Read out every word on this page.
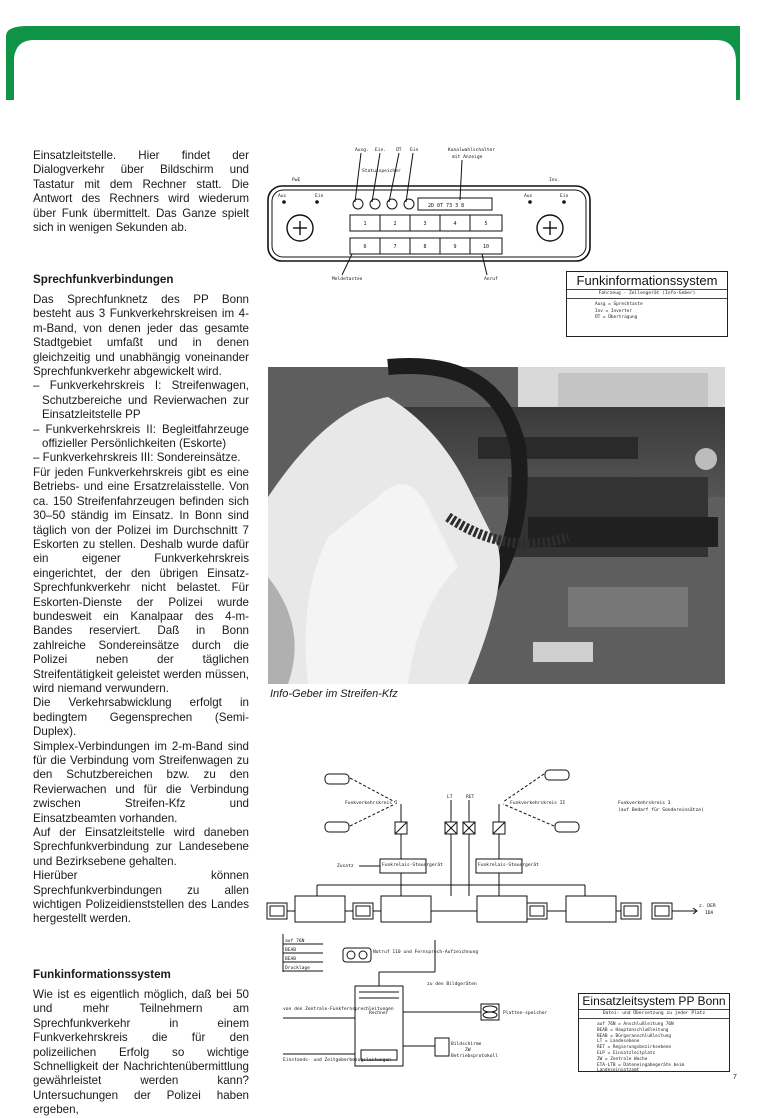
Einsatzleitstelle. Hier findet der Dialogverkehr über Bildschirm und Tastatur mit dem Rechner statt. Die Antwort des Rechners wird wiederum über Funk übermittelt. Das Ganze spielt sich in wenigen Sekunden ab.

Sprechfunkverbindungen

Das Sprechfunknetz des PP Bonn besteht aus 3 Funkverkehrskreisen im 4-m-Band, von denen jeder das gesamte Stadtgebiet umfaßt und in denen gleichzeitig und unabhängig voneinander Sprechfunkverkehr abgewickelt wird.

– Funkverkehrskreis I: Streifenwagen, Schutzbereiche und Revierwachen zur Einsatzleitstelle PP
– Funkverkehrskreis II: Begleitfahrzeuge offizieller Persönlichkeiten (Eskorte)
– Funkverkehrskreis III: Sondereinsätze.

Für jeden Funkverkehrskreis gibt es eine Betriebs- und eine Ersatzrelaisstelle. Von ca. 150 Streifenfahrzeugen befinden sich 30–50 ständig im Einsatz. In Bonn sind täglich von der Polizei im Durchschnitt 7 Eskorten zu stellen. Deshalb wurde dafür ein eigener Funkverkehrskreis eingerichtet, der den übrigen Einsatz-Sprechfunkverkehr nicht belastet. Für Eskorten-Dienste der Polizei wurde bundesweit ein Kanalpaar des 4-m-Bandes reserviert. Daß in Bonn zahlreiche Sondereinsätze durch die Polizei neben der täglichen Streifentätigkeit geleistet werden müssen, wird niemand verwundern.

Die Verkehrsabwicklung erfolgt in bedingtem Gegensprechen (Semi-Duplex).

Simplex-Verbindungen im 2-m-Band sind für die Verbindung vom Streifenwagen zu den Schutzbereichen bzw. zu den Revierwachen und für die Verbindung zwischen Streifen-Kfz und Einsatzbeamten vorhanden.

Auf der Einsatzleitstelle wird daneben Sprechfunkverbindung zur Landesebene und Bezirksebene gehalten.

Hierüber können Sprechfunkverbindungen zu allen wichtigen Polizeidienststellen des Landes hergestellt werden.

Funkinformationssystem

Wie ist es eigentlich möglich, daß bei 50 und mehr Teilnehmern am Sprechfunkverkehr in einem Funkverkehrskreis die für den polizeilichen Erfolg so wichtige Schnelligkeit der Nachrichtenübermittlung gewährleistet werden kann? Untersuchungen der Polizei haben ergeben,

Ausg. Ein. ÜT Ein
Statusspeicher
Kanalwahlschalter
mit Anzeige
PwE	Inv.
Aus	Ein	Aus	Ein
Meldetasten	Anruf
2D 0T 73 3 8
1	2	3	4	5
6	7	8	9	10
Funkinformationssystem
Fahrzeug - Zellengerät (Info-Geber)
Ausg = Sprechtaste
Inv = Inverter
ÜT = Übertragung
Info-Geber im Streifen-Kfz
Funkverkehrskreis I	Funkverkehrskreis II	Funkverkehrskreis 3
(auf Bedarf für Sondereinsätze)
LT	RET
Zusatz	Funkrelais-Steuergerät	Funkrelais-Steuergerät
z. DER
IDA
auf 76N
BEAB
BEAB
Drucklage
Notruf 110 und Fernsprech-Aufzeichnung
zu den Bildgeräten
Rechner
von den Zentrale-Funkfernsprechleitungen
Einstands- und Zeitgeberbezugsleitungen
Platten-speicher
Bildschirme
ZW
Betriebsprotokoll
Einsatzleitsystem PP Bonn
Datei- und Übersetzung zu jeder Platz
auf 76N = Anschlußleitung 76N
BEAB = Hauptanschlußleitung
BEAB = Bürgeranschlußleitung
LT = Landesebene
RET = Regierungsbezirksebene
ELP = Einsatzleitplatz
ZW = Zentrale Wache
ETA-LTB = Dateneingabegeräte beim Landeseinsatzamt
7
